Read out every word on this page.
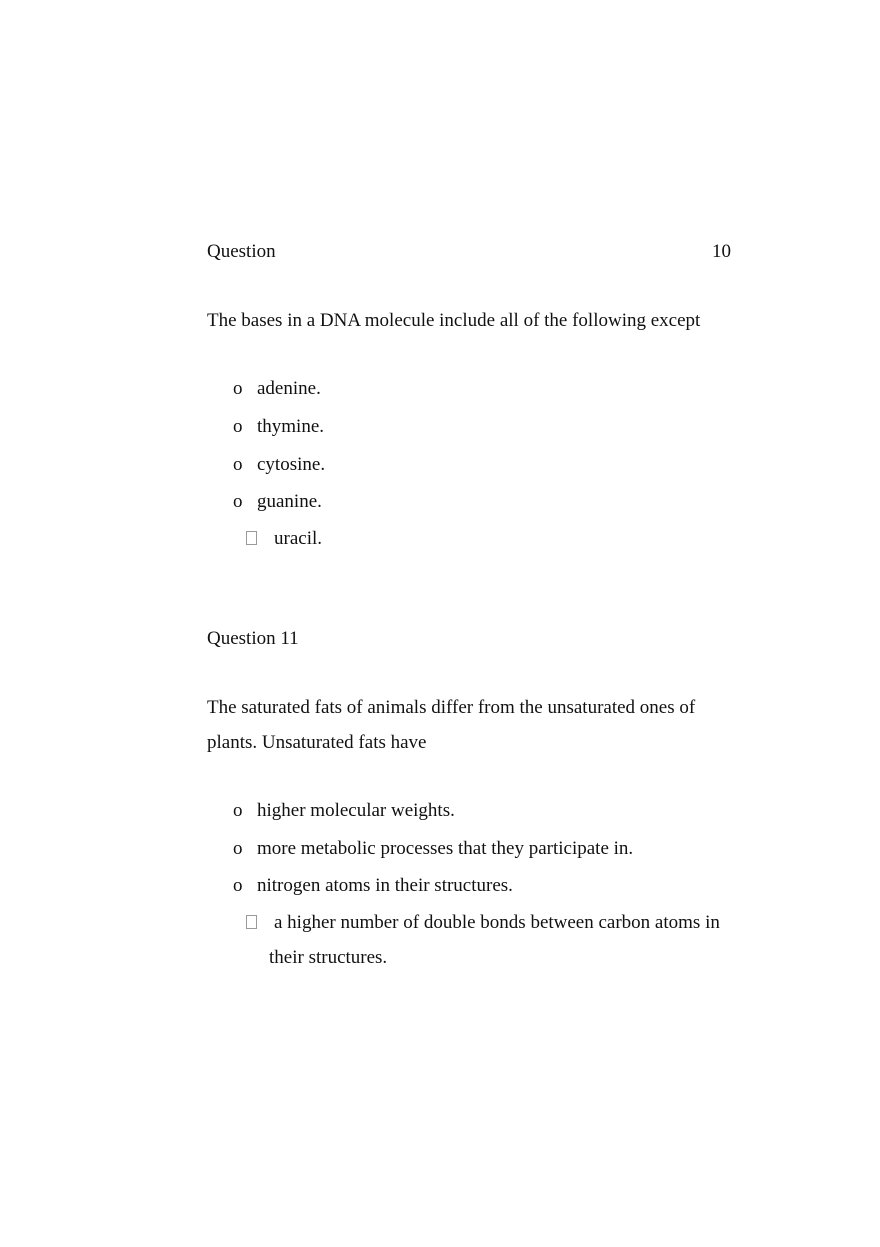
Question	10
The bases in a DNA molecule include all of the following except
o adenine.
o thymine.
o cytosine.
o guanine.
uracil.
Question 11
The saturated fats of animals differ from the unsaturated ones of
plants. Unsaturated fats have
o higher molecular weights.
o more metabolic processes that they participate in.
o nitrogen atoms in their structures.
a higher number of double bonds between carbon atoms in
their structures.
